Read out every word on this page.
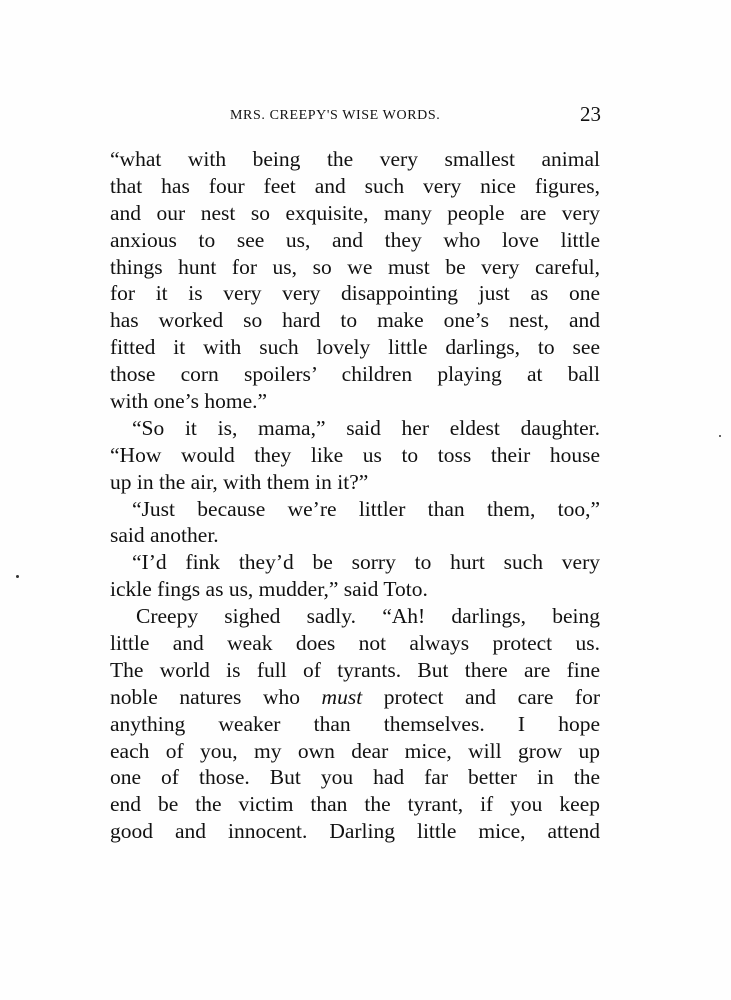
MRS. CREEPY'S WISE WORDS.	23
“what with being the very smallest animal
that has four feet and such very nice figures,
and our nest so exquisite, many people are very
anxious to see us, and they who love little
things hunt for us, so we must be very careful,
for it is very very disappointing just as one
has worked so hard to make one’s nest, and
fitted it with such lovely little darlings, to see
those corn spoilers’ children playing at ball
with one’s home.”
“So it is, mama,” said her eldest daughter.
“How would they like us to toss their house
up in the air, with them in it?”
“Just because we’re littler than them, too,”
said another.
“I’d fink they’d be sorry to hurt such very
ickle fings as us, mudder,” said Toto.
Creepy sighed sadly. “Ah! darlings, being
little and weak does not always protect us.
The world is full of tyrants. But there are fine
noble natures who must protect and care for
anything weaker than themselves. I hope
each of you, my own dear mice, will grow up
one of those. But you had far better in the
end be the victim than the tyrant, if you keep
good and innocent. Darling little mice, attend
